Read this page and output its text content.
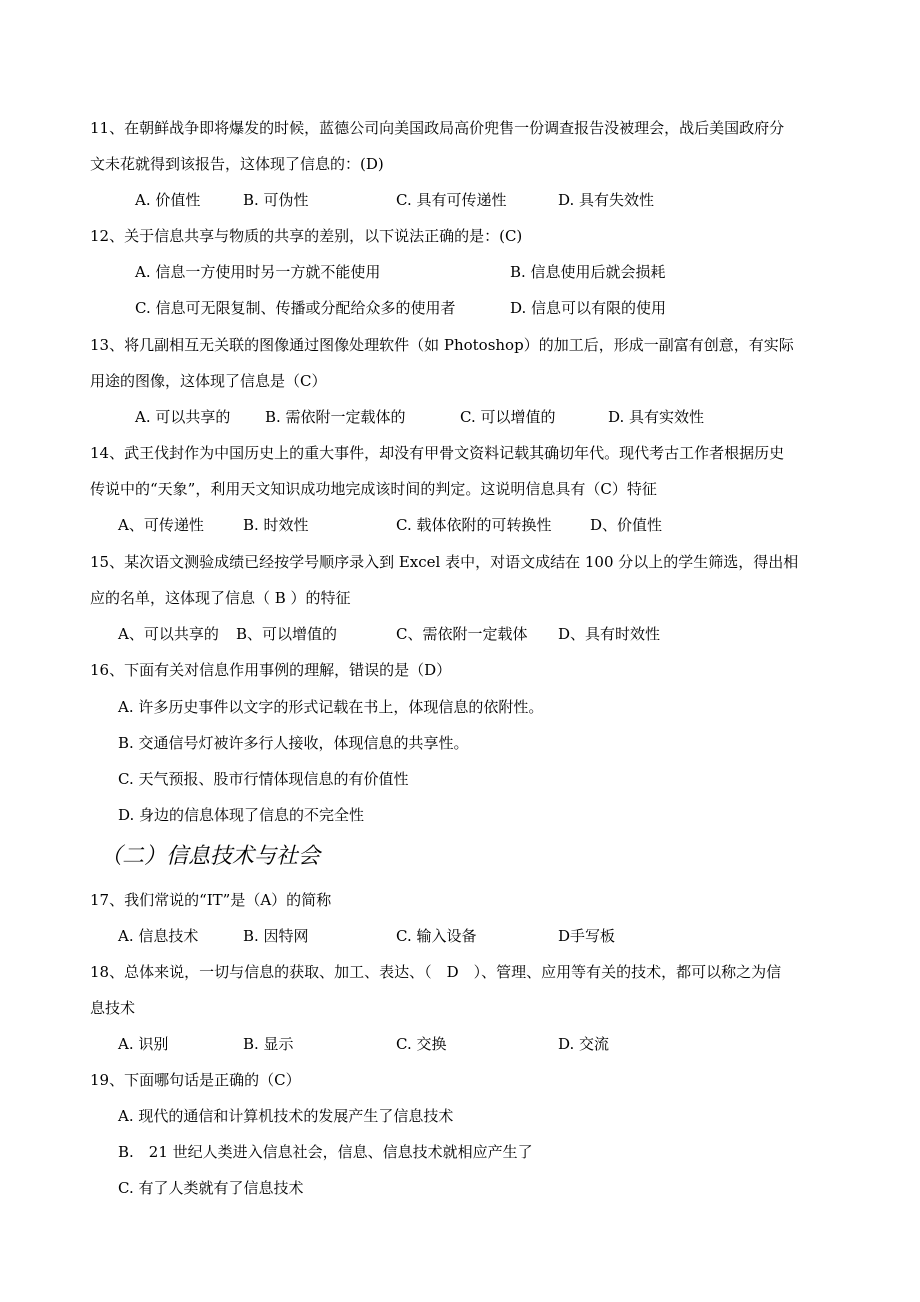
11、在朝鲜战争即将爆发的时候，蓝德公司向美国政局高价兜售一份调查报告没被理会，战后美国政府分
文未花就得到该报告，这体现了信息的：(D)
A. 价值性	B. 可伪性	C. 具有可传递性	D. 具有失效性
12、关于信息共享与物质的共享的差别，以下说法正确的是：(C)
A. 信息一方使用时另一方就不能使用	B. 信息使用后就会损耗
C. 信息可无限复制、传播或分配给众多的使用者	D. 信息可以有限的使用
13、将几副相互无关联的图像通过图像处理软件（如 Photoshop）的加工后，形成一副富有创意，有实际
用途的图像，这体现了信息是（C）
A. 可以共享的 B. 需依附一定载体的	C. 可以增值的	D. 具有实效性
14、武王伐封作为中国历史上的重大事件，却没有甲骨文资料记载其确切年代。现代考古工作者根据历史
传说中的“天象”，利用天文知识成功地完成该时间的判定。这说明信息具有（C）特征
A、可传递性	B. 时效性	C. 载体依附的可转换性	D、价值性
15、某次语文测验成绩已经按学号顺序录入到 Excel 表中，对语文成结在 100 分以上的学生筛选，得出相
应的名单，这体现了信息（ B ）的特征
A、可以共享的 B、可以增值的	C、需依附一定载体 D、具有时效性
16、下面有关对信息作用事例的理解，错误的是（D）
A. 许多历史事件以文字的形式记载在书上，体现信息的依附性。
B. 交通信号灯被许多行人接收，体现信息的共享性。
C. 天气预报、股市行情体现信息的有价值性
D. 身边的信息体现了信息的不完全性
（二）信息技术与社会
17、我们常说的“IT”是（A）的简称
A. 信息技术	B. 因特网	C. 输入设备	D手写板
18、总体来说，一切与信息的获取、加工、表达、（　D　）、管理、应用等有关的技术，都可以称之为信
息技术
A. 识别	B. 显示	C. 交换	D. 交流
19、下面哪句话是正确的（C）
A. 现代的通信和计算机技术的发展产生了信息技术
B.　21 世纪人类进入信息社会，信息、信息技术就相应产生了
C. 有了人类就有了信息技术
